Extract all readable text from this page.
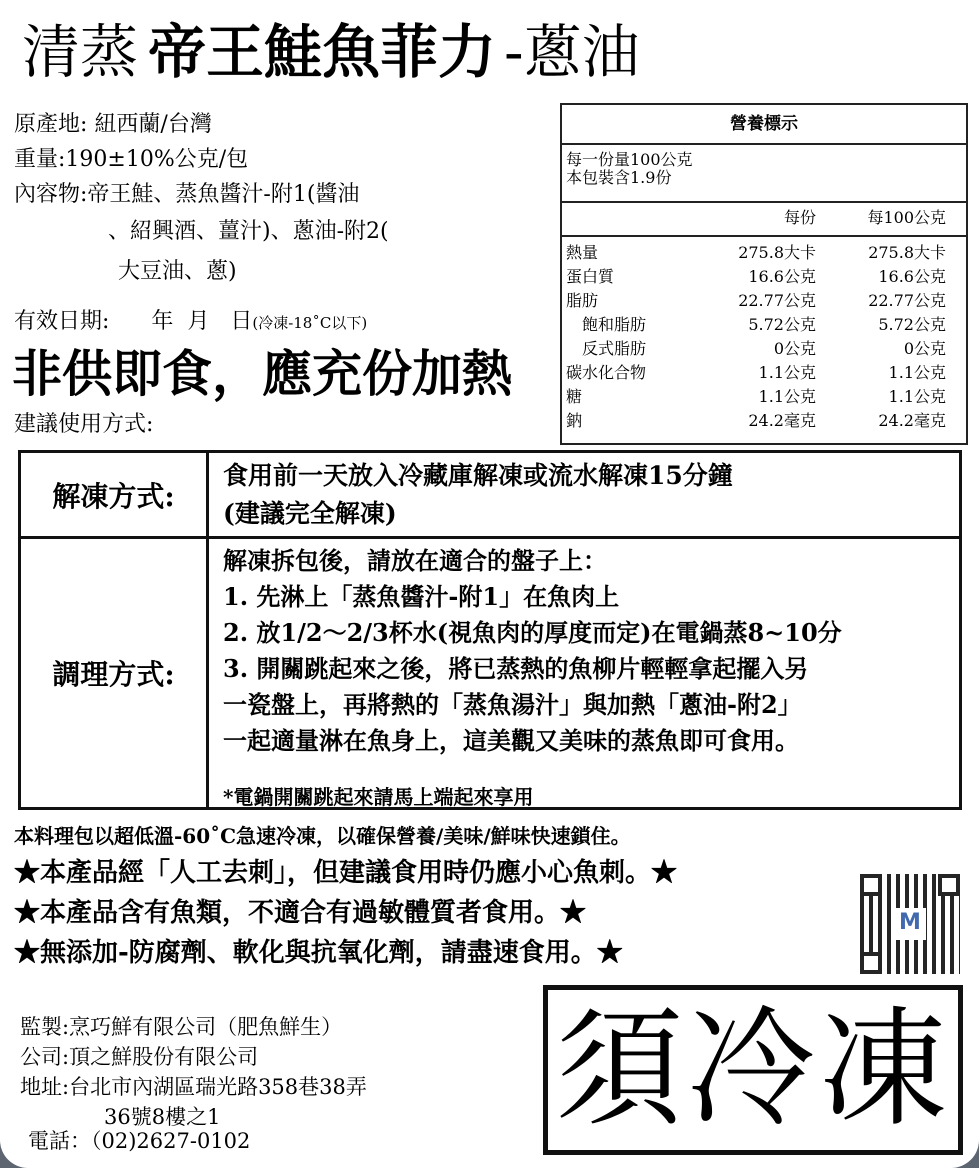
清蒸 帝王鮭魚菲力 -蔥油
原產地: 紐西蘭/台灣
重量:190±10%公克/包
內容物:帝王鮭、蒸魚醬汁-附1(醬油
、紹興酒、薑汁)、蔥油-附2(
大豆油、蔥)
有效日期:      年  月   日(冷凍-18˚C以下)
非供即食，應充份加熱
建議使用方式:
營養標示
每一份量100公克
本包裝含1.9份
每份	每100公克
熱量	275.8大卡	275.8大卡
蛋白質	16.6公克	16.6公克
脂肪	22.77公克	22.77公克
　飽和脂肪	5.72公克	5.72公克
　反式脂肪	0公克	0公克
碳水化合物	1.1公克	1.1公克
糖	1.1公克	1.1公克
鈉	24.2毫克	24.2毫克
解凍方式:
食用前一天放入冷藏庫解凍或流水解凍15分鐘
(建議完全解凍)
調理方式:
解凍拆包後，請放在適合的盤子上：
1. 先淋上「蒸魚醬汁-附1」在魚肉上
2. 放1/2～2/3杯水(視魚肉的厚度而定)在電鍋蒸8~10分
3. 開關跳起來之後，將已蒸熱的魚柳片輕輕拿起擺入另
一瓷盤上，再將熱的「蒸魚湯汁」與加熱「蔥油-附2」
一起適量淋在魚身上，這美觀又美味的蒸魚即可食用。
*電鍋開關跳起來請馬上端起來享用
本料理包以超低溫-60˚C急速冷凍，以確保營養/美味/鮮味快速鎖住。
★本產品經「人工去刺」，但建議食用時仍應小心魚刺。★
★本產品含有魚類，不適合有過敏體質者食用。★
★無添加-防腐劑、軟化與抗氧化劑，請盡速食用。★
M
監製:烹巧鮮有限公司（肥魚鮮生）
公司:頂之鮮股份有限公司
地址:台北市內湖區瑞光路358巷38弄
36號8樓之1
電話：（02)2627-0102 須冷凍
